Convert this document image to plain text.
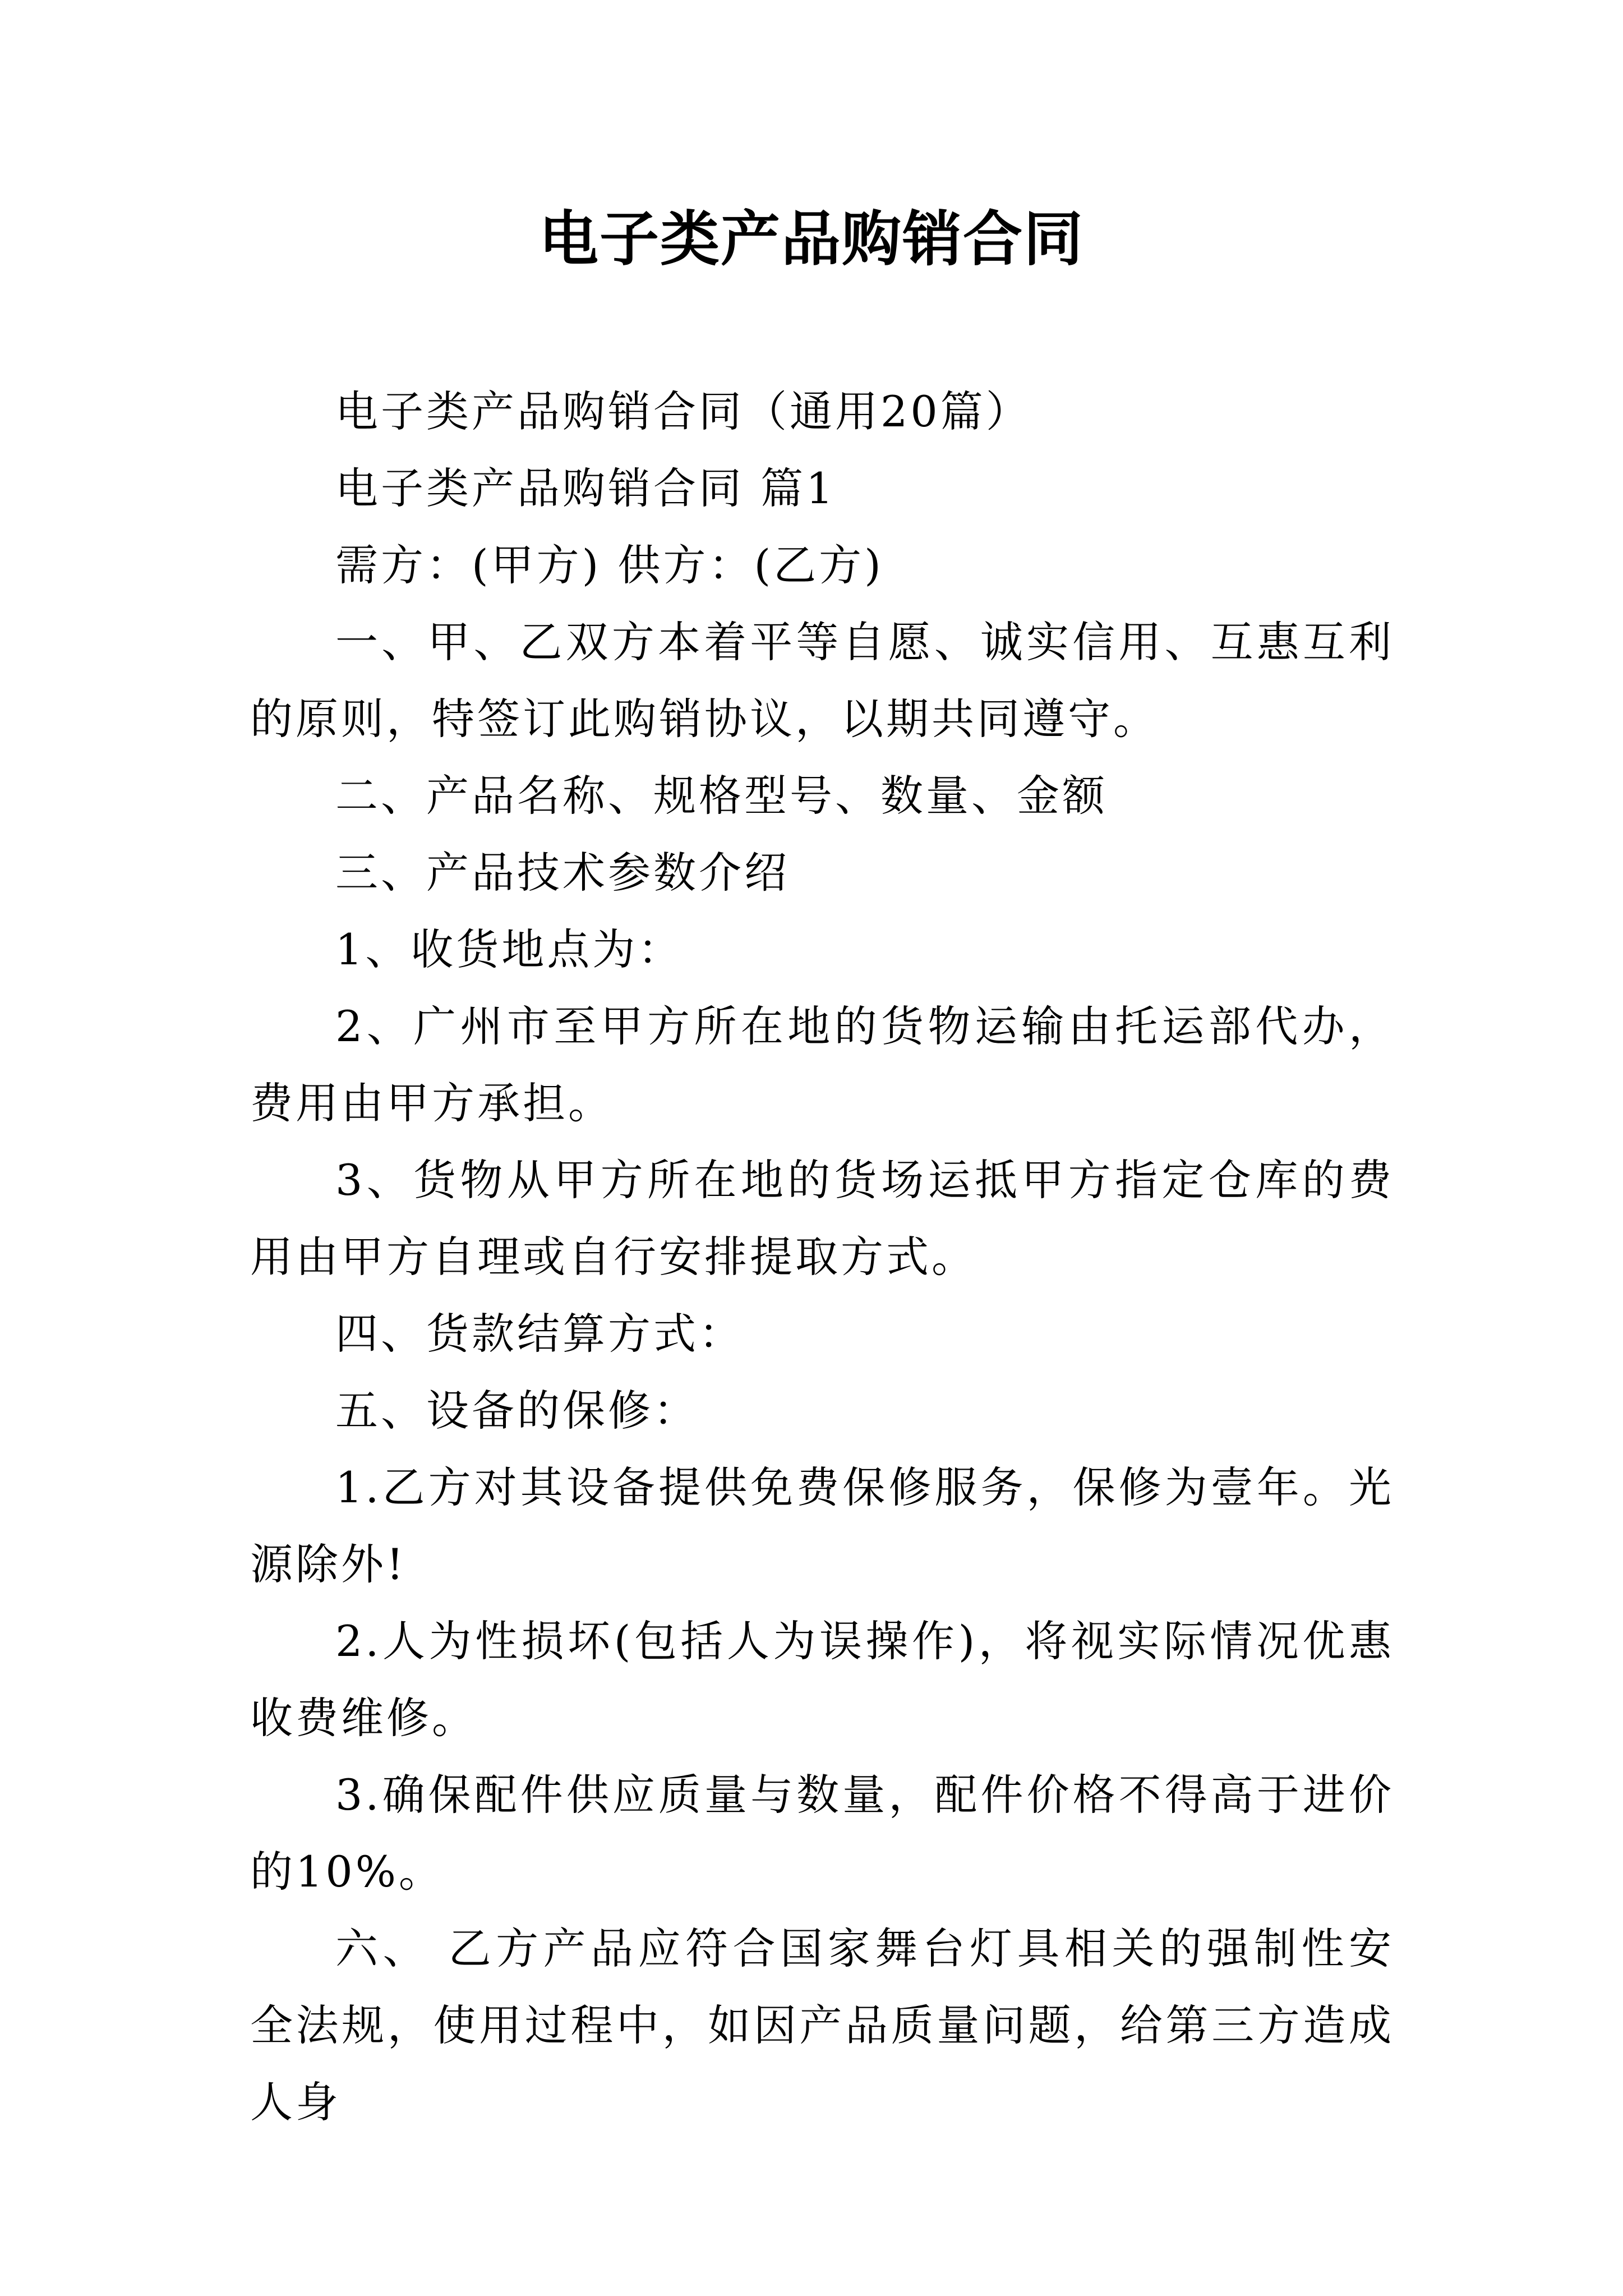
电子类产品购销合同

电子类产品购销合同（通用20篇）

电子类产品购销合同 篇1

需方：(甲方) 供方：(乙方)

一、甲、乙双方本着平等自愿、诚实信用、互惠互利的原则，特签订此购销协议，以期共同遵守。

二、产品名称、规格型号、数量、金额

三、产品技术参数介绍

1、收货地点为：

2、广州市至甲方所在地的货物运输由托运部代办，费用由甲方承担。

3、货物从甲方所在地的货场运抵甲方指定仓库的费用由甲方自理或自行安排提取方式。

四、货款结算方式：

五、设备的保修：

1.乙方对其设备提供免费保修服务，保修为壹年。光源除外!

2.人为性损坏(包括人为误操作)，将视实际情况优惠收费维修。

3.确保配件供应质量与数量，配件价格不得高于进价的10%。

六、 乙方产品应符合国家舞台灯具相关的强制性安全法规，使用过程中，如因产品质量问题，给第三方造成人身
